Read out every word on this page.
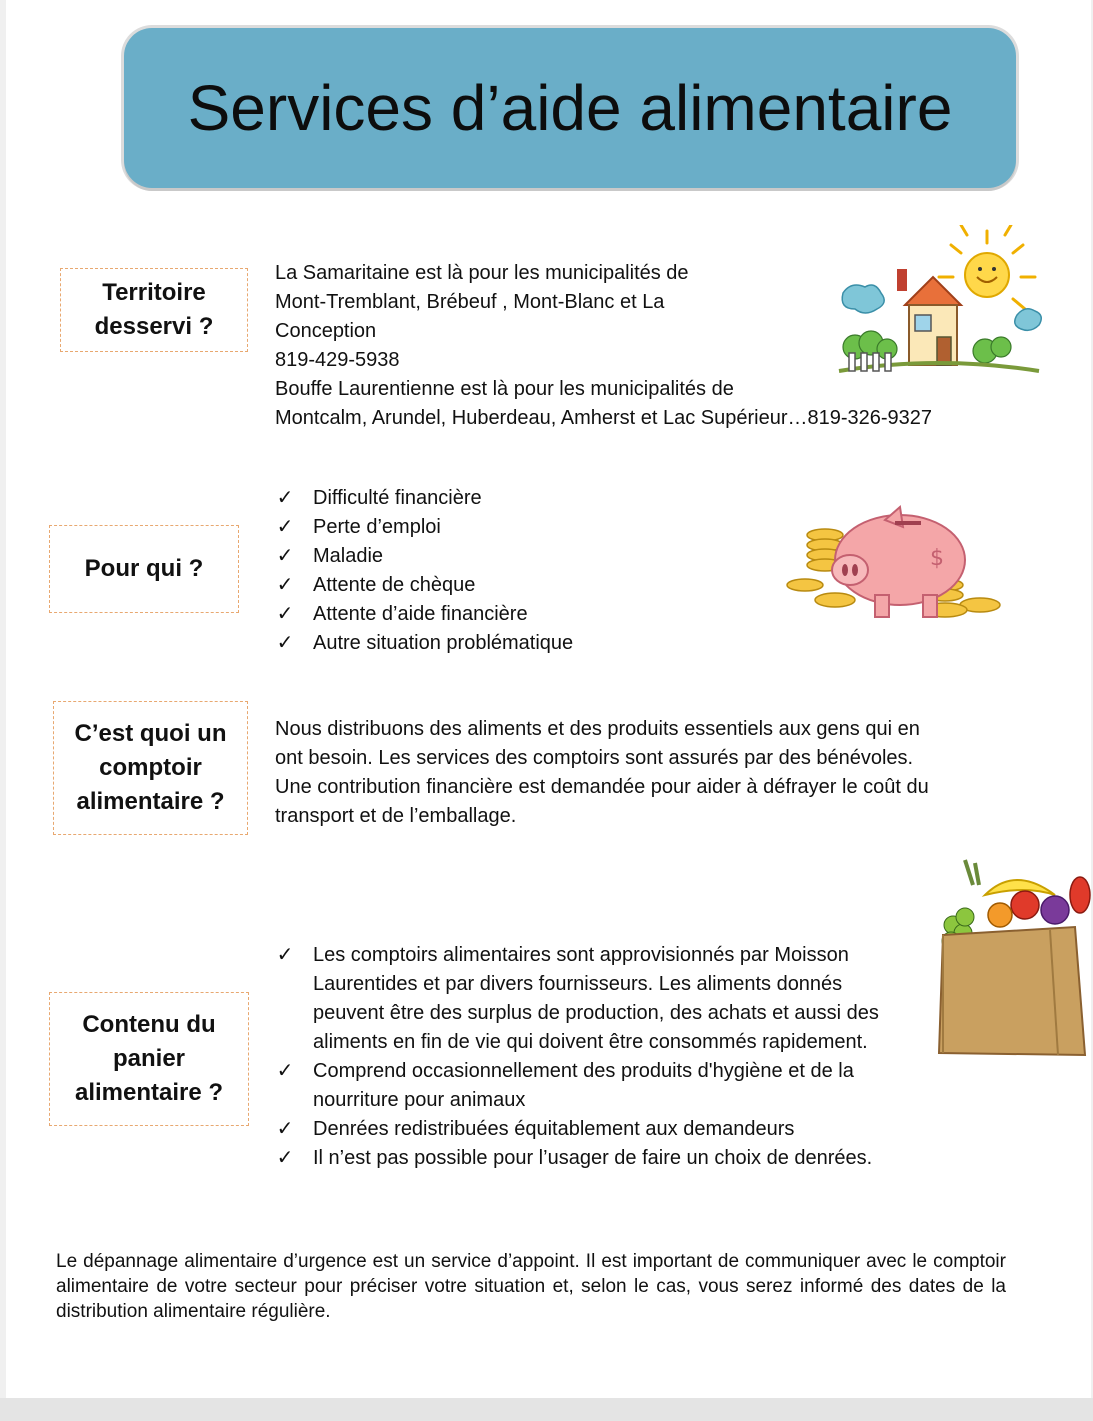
Services d’aide alimentaire
Territoire
desservi ?
La Samaritaine est là pour les municipalités de
Mont-Tremblant, Brébeuf , Mont-Blanc et La
Conception
819-429-5938
Bouffe Laurentienne est là pour les municipalités de
Montcalm, Arundel, Huberdeau, Amherst et Lac Supérieur…819-326-9327
Pour qui ?
✓ Difficulté financière
✓ Perte d’emploi
✓ Maladie
✓ Attente de chèque
✓ Attente d’aide financière
✓ Autre situation problématique
$
C’est quoi un
comptoir
alimentaire ?
Nous distribuons des aliments et des produits essentiels aux gens qui en
ont besoin. Les services des comptoirs sont assurés par des bénévoles.
Une contribution financière est demandée pour aider à défrayer le coût du
transport et de l’emballage.
Contenu du
panier
alimentaire ?
✓ Les comptoirs alimentaires sont approvisionnés par Moisson Laurentides et par divers fournisseurs. Les aliments donnés peuvent être des surplus de production, des achats et aussi des aliments en fin de vie qui doivent être consommés rapidement.
✓ Comprend occasionnellement des produits d'hygiène et de la nourriture pour animaux
✓ Denrées redistribuées équitablement aux demandeurs
✓ Il n’est pas possible pour l’usager de faire un choix de denrées.
Le dépannage alimentaire d’urgence est un service d’appoint. Il est important de communiquer avec le comptoir alimentaire de votre secteur pour préciser votre situation et, selon le cas, vous serez informé des dates de la distribution alimentaire régulière.
